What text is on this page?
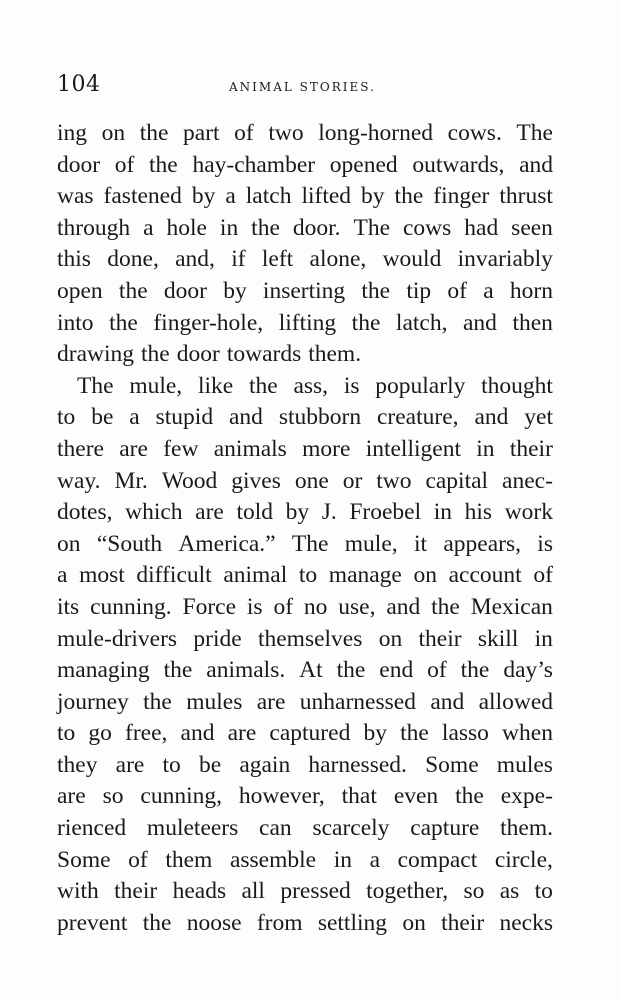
104	ANIMAL STORIES.
ing on the part of two long-horned cows. The
door of the hay-chamber opened outwards, and
was fastened by a latch lifted by the finger thrust
through a hole in the door. The cows had seen
this done, and, if left alone, would invariably
open the door by inserting the tip of a horn
into the finger-hole, lifting the latch, and then
drawing the door towards them.
The mule, like the ass, is popularly thought
to be a stupid and stubborn creature, and yet
there are few animals more intelligent in their
way. Mr. Wood gives one or two capital anec-
dotes, which are told by J. Froebel in his work
on “South America.” The mule, it appears, is
a most difficult animal to manage on account of
its cunning. Force is of no use, and the Mexican
mule-drivers pride themselves on their skill in
managing the animals. At the end of the day’s
journey the mules are unharnessed and allowed
to go free, and are captured by the lasso when
they are to be again harnessed. Some mules
are so cunning, however, that even the expe-
rienced muleteers can scarcely capture them.
Some of them assemble in a compact circle,
with their heads all pressed together, so as to
prevent the noose from settling on their necks
